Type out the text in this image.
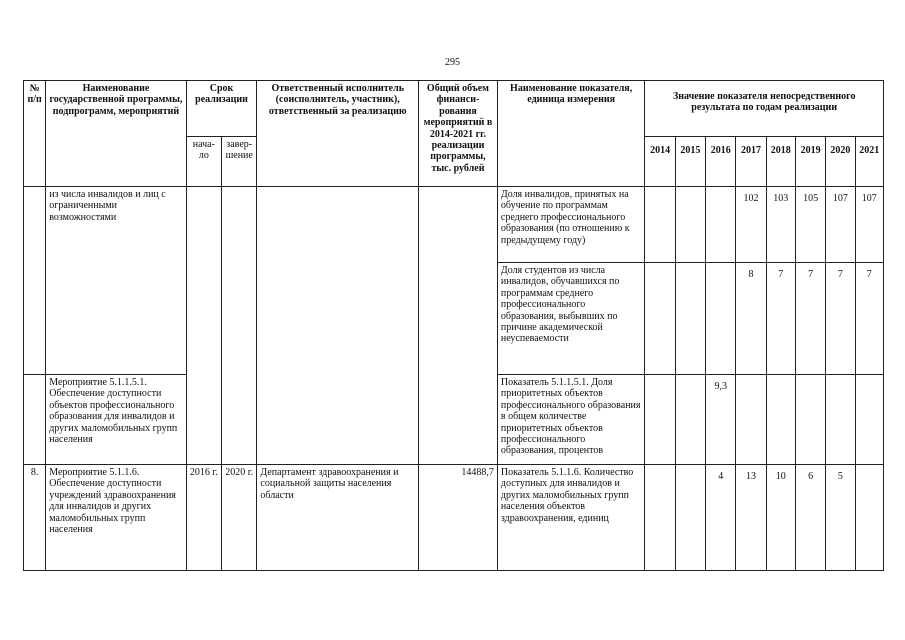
295
№ п/п	Наименование государственной программы, подпрограмм, мероприятий	Срок реализации		Ответственный исполнитель (соисполнитель, участник), ответственный за реализацию	Общий объем финанси-рования мероприятий в 2014-2021 гг. реализации программы, тыс. рублей	Наименование показателя, единица измерения	Значение показателя непосредственного результата по годам реализации							
		нача-ло	завер-шение				2014	2015	2016	2017	2018	2019	2020	2021
	из числа инвалидов и лиц с ограниченными возможностями					Доля инвалидов, принятых на обучение по программам среднего профессионального образования (по отношению к предыдущему году)				102	103	105	107	107
						Доля студентов из числа инвалидов, обучавшихся по программам среднего профессионального образования, выбывших по причине академической неуспеваемости				8	7	7	7	7
	Мероприятие 5.1.1.5.1. Обеспечение доступности объектов профессионального образования для инвалидов и других маломобильных групп населения					Показатель 5.1.1.5.1. Доля приоритетных объектов профессионального образования в общем количестве приоритетных объектов профессионального образования, процентов			9,3					
8.	Мероприятие 5.1.1.6. Обеспечение доступности учреждений здравоохранения для инвалидов и других маломобильных групп населения	2016 г.	2020 г.	Департамент здравоохранения и социальной защиты населения области	14488,7	Показатель 5.1.1.6. Количество доступных для инвалидов и других маломобильных групп населения объектов здравоохранения, единиц			4	13	10	6	5	
